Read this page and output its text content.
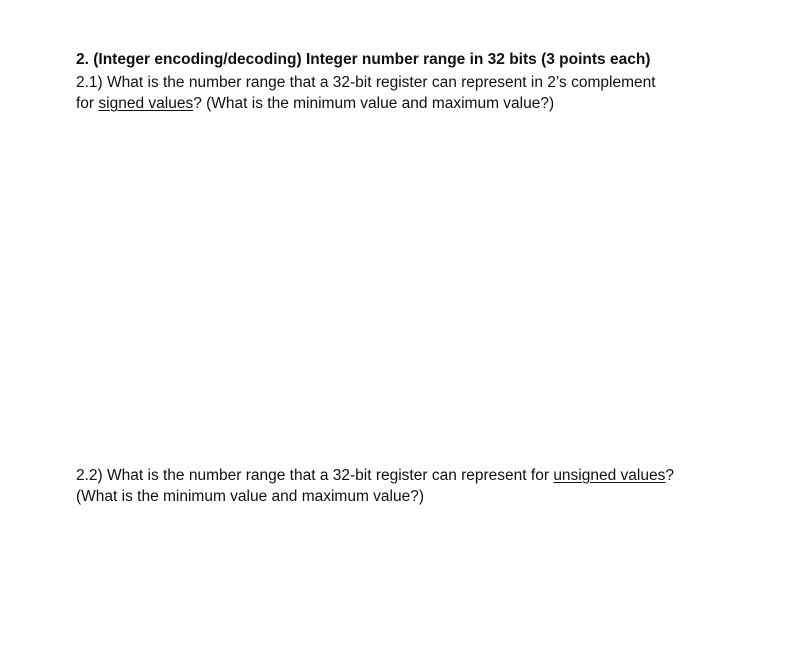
2. (Integer encoding/decoding) Integer number range in 32 bits (3 points each)
2.1) What is the number range that a 32-bit register can represent in 2’s complement
for signed values? (What is the minimum value and maximum value?)
2.2) What is the number range that a 32-bit register can represent for unsigned values?
(What is the minimum value and maximum value?)
